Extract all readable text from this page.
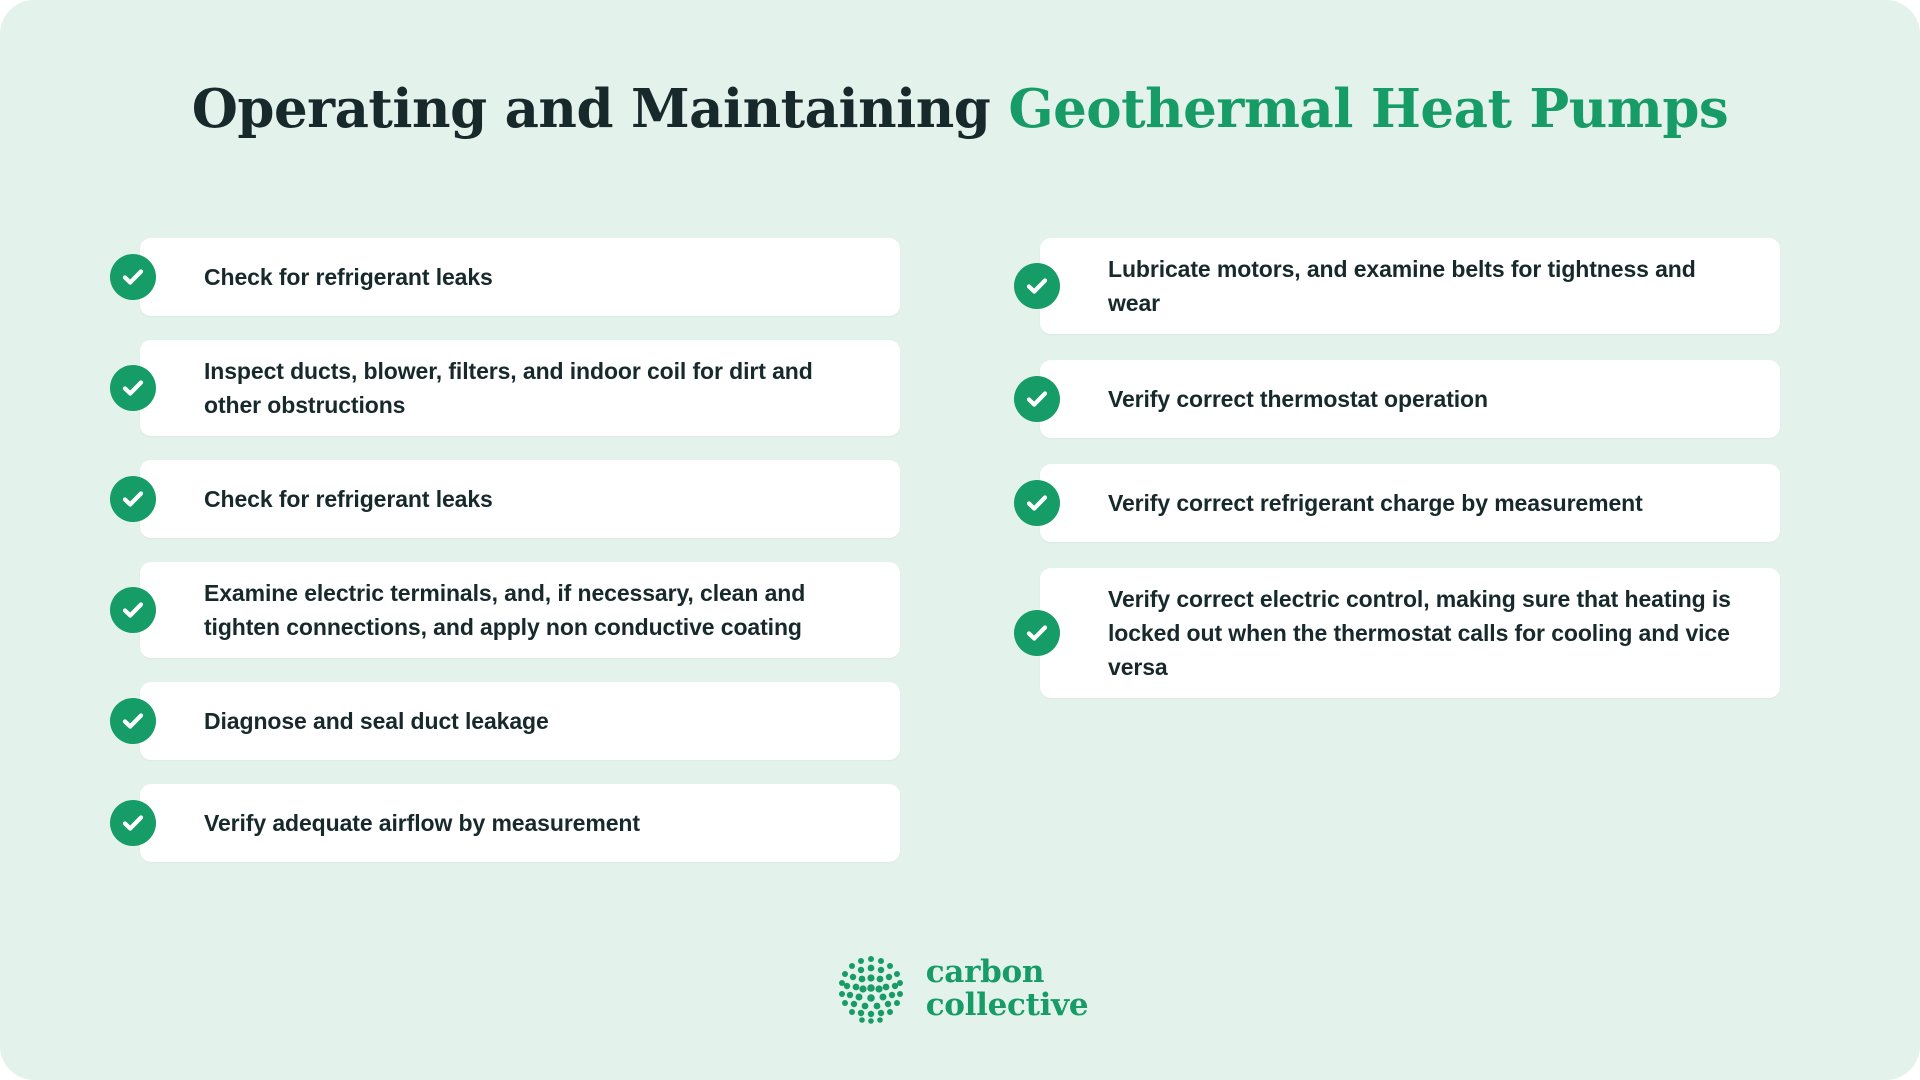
Operating and Maintaining Geothermal Heat Pumps
Check for refrigerant leaks
Inspect ducts, blower, filters, and indoor coil for dirt and other obstructions
Check for refrigerant leaks
Examine electric terminals, and, if necessary, clean and tighten connections, and apply non conductive coating
Diagnose and seal duct leakage
Verify adequate airflow by measurement
Lubricate motors, and examine belts for tightness and wear
Verify correct thermostat operation
Verify correct refrigerant charge by measurement
Verify correct electric control, making sure that heating is locked out when the thermostat calls for cooling and vice versa
carbon
collective
